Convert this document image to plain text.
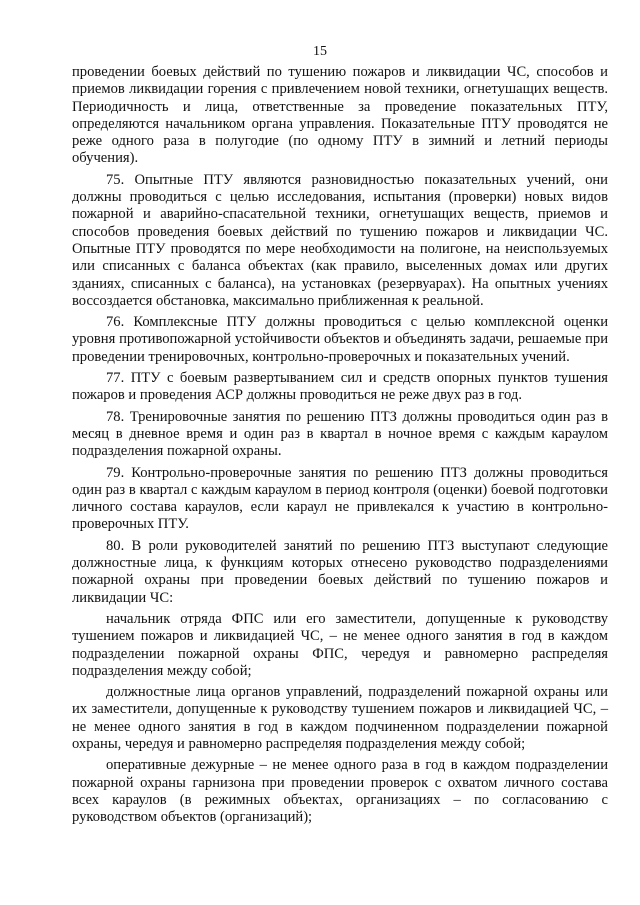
15

проведении боевых действий по тушению пожаров и ликвидации ЧС, способов и приемов ликвидации горения с привлечением новой техники, огнетушащих веществ. Периодичность и лица, ответственные за проведение показательных ПТУ, определяются начальником органа управления. Показательные ПТУ проводятся не реже одного раза в полугодие (по одному ПТУ в зимний и летний периоды обучения).

75. Опытные ПТУ являются разновидностью показательных учений, они должны проводиться с целью исследования, испытания (проверки) новых видов пожарной и аварийно-спасательной техники, огнетушащих веществ, приемов и способов проведения боевых действий по тушению пожаров и ликвидации ЧС. Опытные ПТУ проводятся по мере необходимости на полигоне, на неиспользуемых или списанных с баланса объектах (как правило, выселенных домах или других зданиях, списанных с баланса), на установках (резервуарах). На опытных учениях воссоздается обстановка, максимально приближенная к реальной.

76. Комплексные ПТУ должны проводиться с целью комплексной оценки уровня противопожарной устойчивости объектов и объединять задачи, решаемые при проведении тренировочных, контрольно-проверочных и показательных учений.

77. ПТУ с боевым развертыванием сил и средств опорных пунктов тушения пожаров и проведения АСР должны проводиться не реже двух раз в год.

78. Тренировочные занятия по решению ПТЗ должны проводиться один раз в месяц в дневное время и один раз в квартал в ночное время с каждым караулом подразделения пожарной охраны.

79. Контрольно-проверочные занятия по решению ПТЗ должны проводиться один раз в квартал с каждым караулом в период контроля (оценки) боевой подготовки личного состава караулов, если караул не привлекался к участию в контрольно-проверочных ПТУ.

80. В роли руководителей занятий по решению ПТЗ выступают следующие должностные лица, к функциям которых отнесено руководство подразделениями пожарной охраны при проведении боевых действий по тушению пожаров и ликвидации ЧС:

начальник отряда ФПС или его заместители, допущенные к руководству тушением пожаров и ликвидацией ЧС, – не менее одного занятия в год в каждом подразделении пожарной охраны ФПС, чередуя и равномерно распределяя подразделения между собой;

должностные лица органов управлений, подразделений пожарной охраны или их заместители, допущенные к руководству тушением пожаров и ликвидацией ЧС, – не менее одного занятия в год в каждом подчиненном подразделении пожарной охраны, чередуя и равномерно распределяя подразделения между собой;

оперативные дежурные – не менее одного раза в год в каждом подразделении пожарной охраны гарнизона при проведении проверок с охватом личного состава всех караулов (в режимных объектах, организациях – по согласованию с руководством объектов (организаций);
